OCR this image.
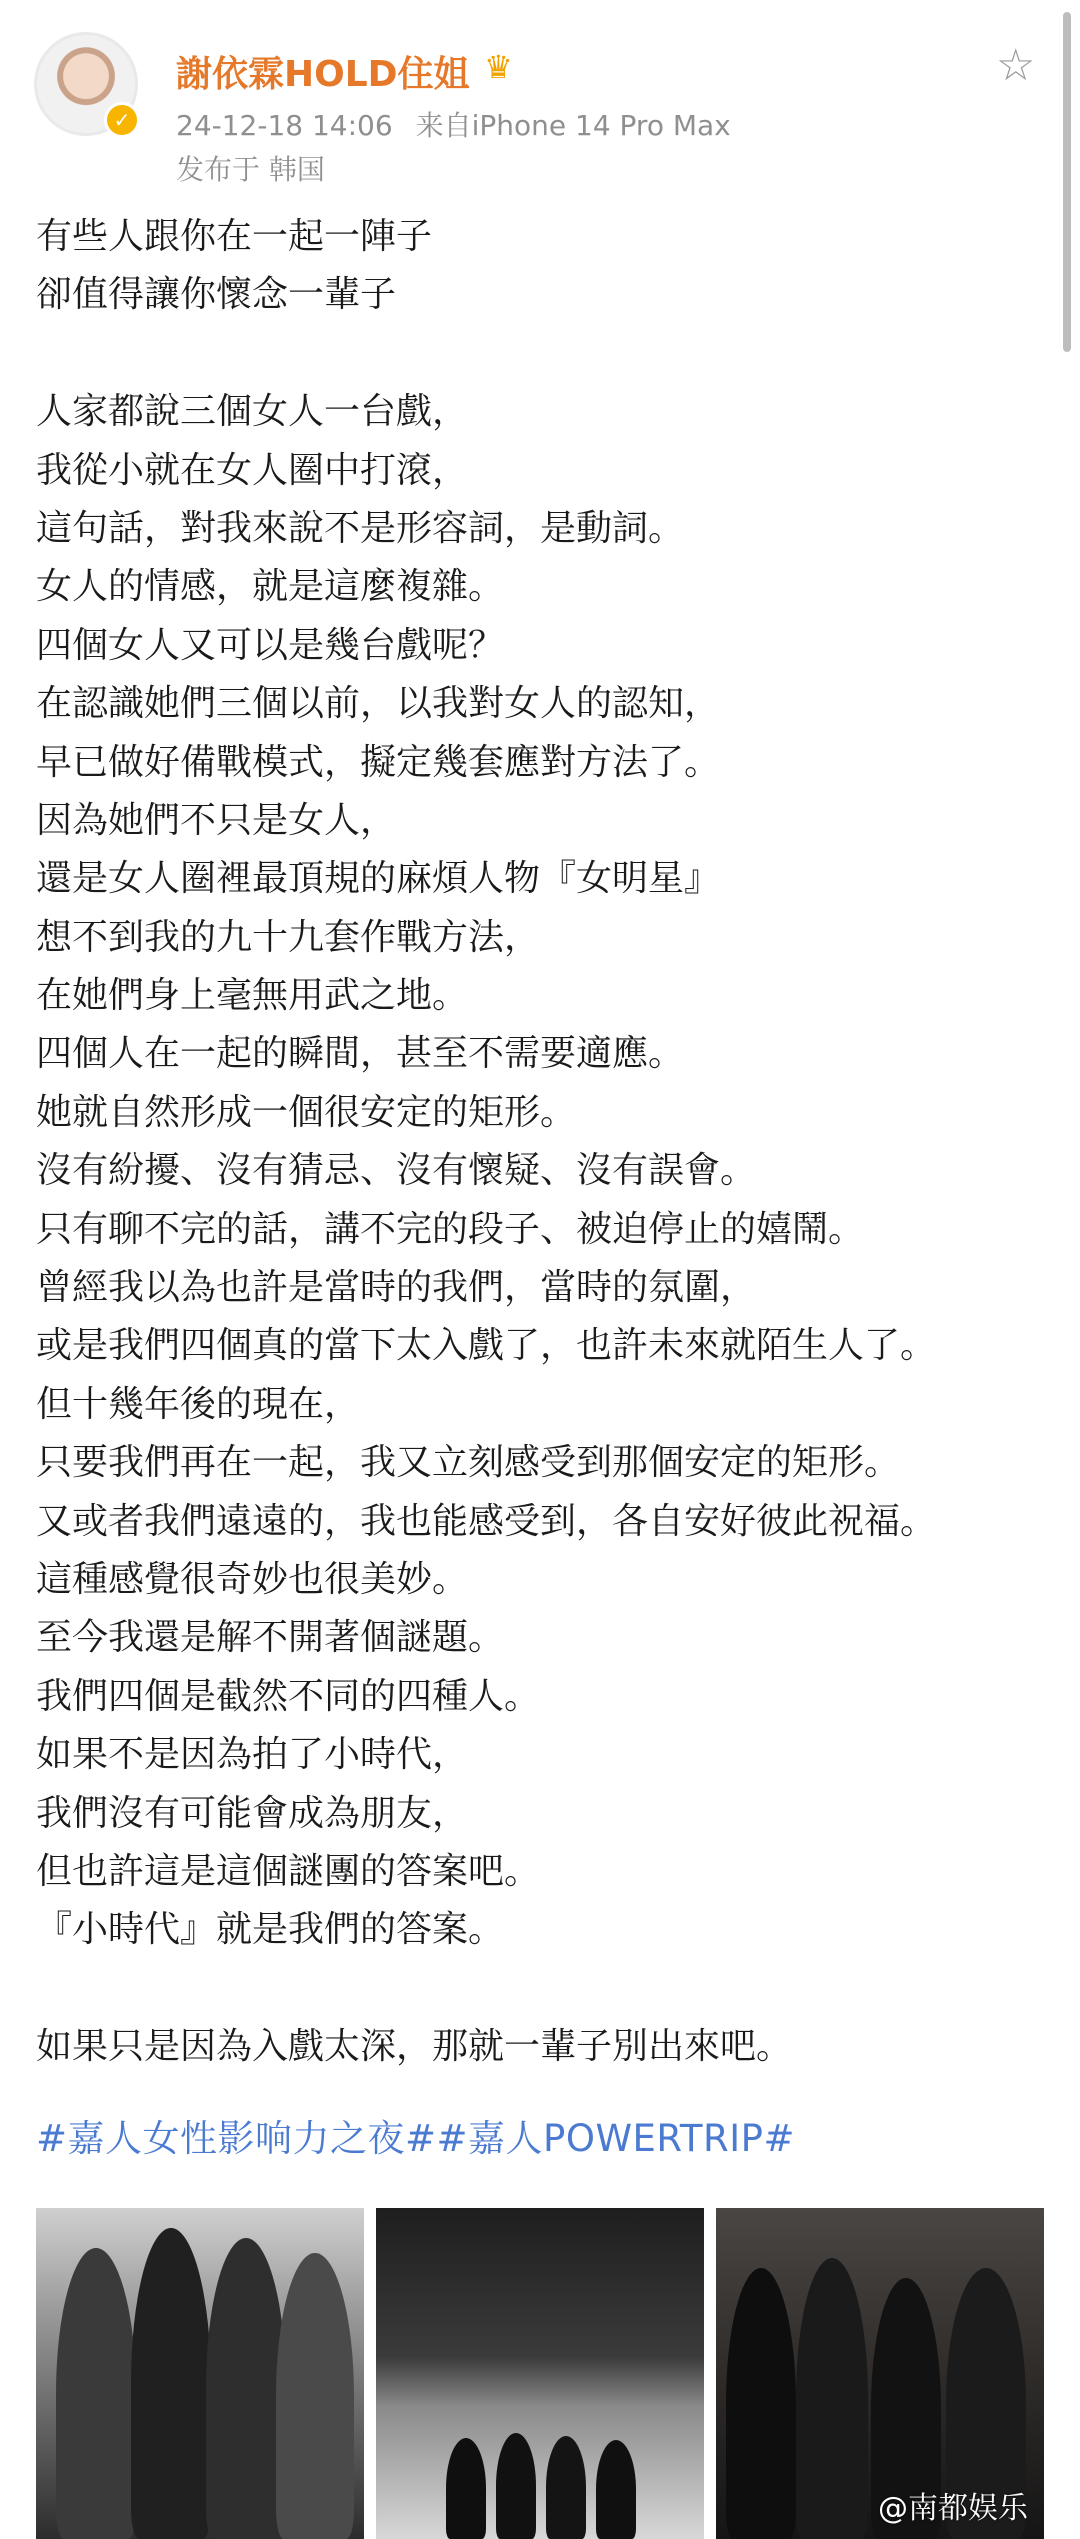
✓
謝依霖HOLD住姐 ♛
24-12-18 14:06 来自iPhone 14 Pro Max
发布于 韩国
☆
有些人跟你在一起一陣子
卻值得讓你懷念一輩子
人家都說三個女人一台戲，
我從小就在女人圈中打滾，
這句話，對我來說不是形容詞，是動詞。
女人的情感，就是這麼複雜。
四個女人又可以是幾台戲呢？
在認識她們三個以前，以我對女人的認知，
早已做好備戰模式，擬定幾套應對方法了。
因為她們不只是女人，
還是女人圈裡最頂規的麻煩人物『女明星』
想不到我的九十九套作戰方法，
在她們身上毫無用武之地。
四個人在一起的瞬間，甚至不需要適應。
她就自然形成一個很安定的矩形。
沒有紛擾、沒有猜忌、沒有懷疑、沒有誤會。
只有聊不完的話，講不完的段子、被迫停止的嬉鬧。
曾經我以為也許是當時的我們，當時的氛圍，
或是我們四個真的當下太入戲了，也許未來就陌生人了。
但十幾年後的現在，
只要我們再在一起，我又立刻感受到那個安定的矩形。
又或者我們遠遠的，我也能感受到，各自安好彼此祝福。
這種感覺很奇妙也很美妙。
至今我還是解不開著個謎題。
我們四個是截然不同的四種人。
如果不是因為拍了小時代，
我們沒有可能會成為朋友，
但也許這是這個謎團的答案吧。
『小時代』就是我們的答案。
如果只是因為入戲太深，那就一輩子別出來吧。
#嘉人女性影响力之夜##嘉人POWERTRIP#
@南都娱乐
